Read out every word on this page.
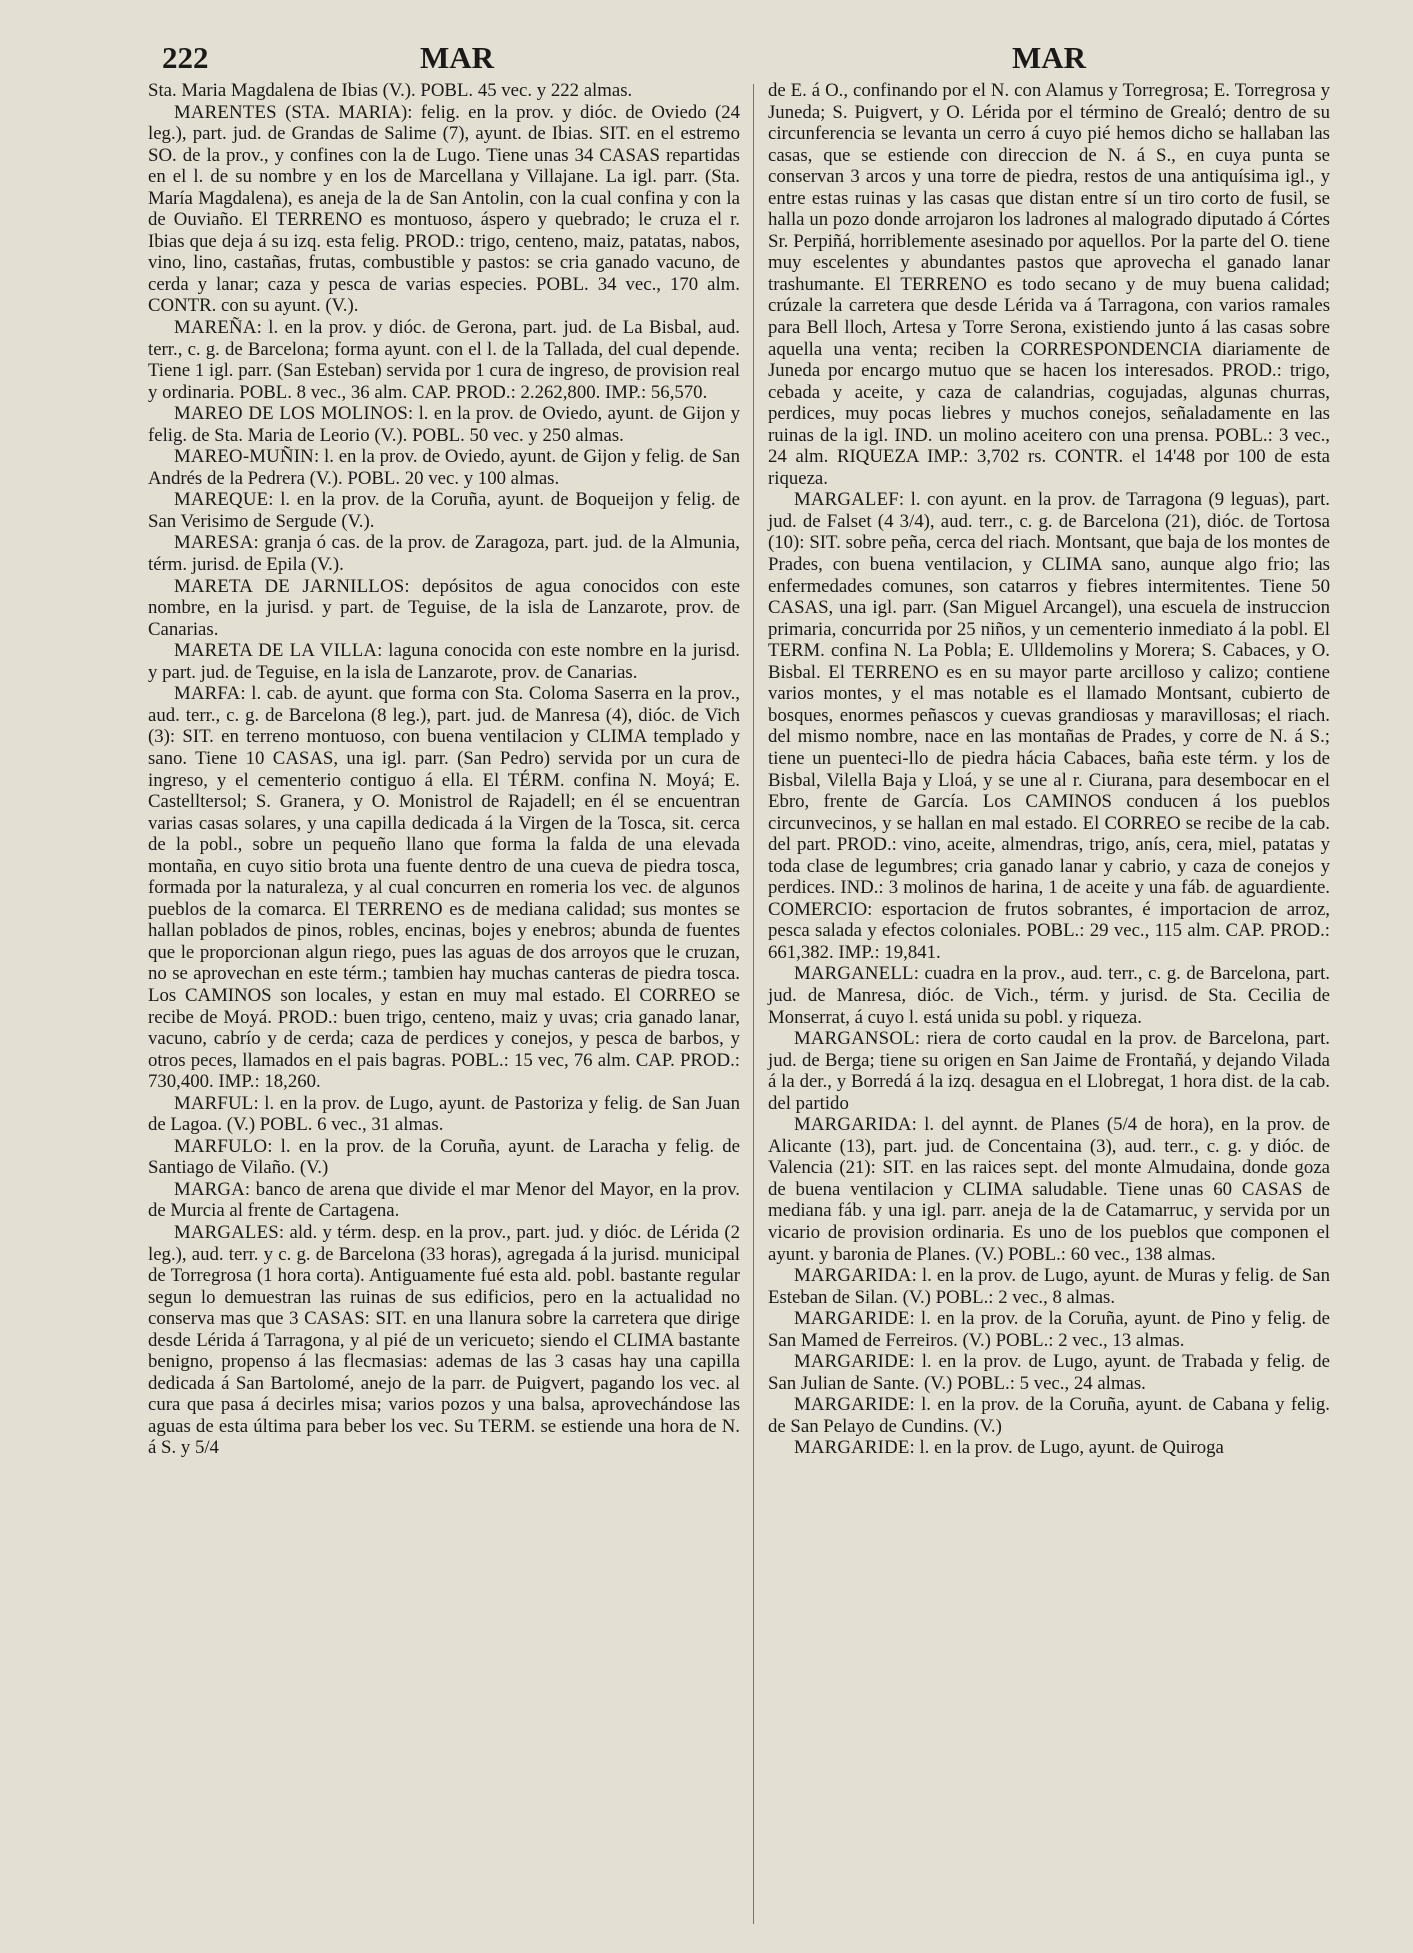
222	MAR	MAR

Sta. Maria Magdalena de Ibias (V.). POBL. 45 vec. y 222 almas.

MARENTES (STA. MARIA): felig. en la prov. y dióc. de Oviedo (24 leg.), part. jud. de Grandas de Salime (7), ayunt. de Ibias. SIT. en el estremo SO. de la prov., y confines con la de Lugo. Tiene unas 34 CASAS repartidas en el l. de su nombre y en los de Marcellana y Villajane. La igl. parr. (Sta. María Magdalena), es aneja de la de San Antolin, con la cual confina y con la de Ouviaño. El TERRENO es montuoso, áspero y quebrado; le cruza el r. Ibias que deja á su izq. esta felig. PROD.: trigo, centeno, maiz, patatas, nabos, vino, lino, castañas, frutas, combustible y pastos: se cria ganado vacuno, de cerda y lanar; caza y pesca de varias especies. POBL. 34 vec., 170 alm. CONTR. con su ayunt. (V.).

MAREÑA: l. en la prov. y dióc. de Gerona, part. jud. de La Bisbal, aud. terr., c. g. de Barcelona; forma ayunt. con el l. de la Tallada, del cual depende. Tiene 1 igl. parr. (San Esteban) servida por 1 cura de ingreso, de provision real y ordinaria. POBL. 8 vec., 36 alm. CAP. PROD.: 2.262,800. IMP.: 56,570.

MAREO DE LOS MOLINOS: l. en la prov. de Oviedo, ayunt. de Gijon y felig. de Sta. Maria de Leorio (V.). POBL. 50 vec. y 250 almas.

MAREO-MUÑIN: l. en la prov. de Oviedo, ayunt. de Gijon y felig. de San Andrés de la Pedrera (V.). POBL. 20 vec. y 100 almas.

MAREQUE: l. en la prov. de la Coruña, ayunt. de Boqueijon y felig. de San Verisimo de Sergude (V.).

MARESA: granja ó cas. de la prov. de Zaragoza, part. jud. de la Almunia, térm. jurisd. de Epila (V.).

MARETA DE JARNILLOS: depósitos de agua conocidos con este nombre, en la jurisd. y part. de Teguise, de la isla de Lanzarote, prov. de Canarias.

MARETA DE LA VILLA: laguna conocida con este nombre en la jurisd. y part. jud. de Teguise, en la isla de Lanzarote, prov. de Canarias.

MARFA: l. cab. de ayunt. que forma con Sta. Coloma Saserra en la prov., aud. terr., c. g. de Barcelona (8 leg.), part. jud. de Manresa (4), dióc. de Vich (3): SIT. en terreno montuoso, con buena ventilacion y CLIMA templado y sano. Tiene 10 CASAS, una igl. parr. (San Pedro) servida por un cura de ingreso, y el cementerio contiguo á ella. El TÉRM. confina N. Moyá; E. Castelltersol; S. Granera, y O. Monistrol de Rajadell; en él se encuentran varias casas solares, y una capilla dedicada á la Virgen de la Tosca, sit. cerca de la pobl., sobre un pequeño llano que forma la falda de una elevada montaña, en cuyo sitio brota una fuente dentro de una cueva de piedra tosca, formada por la naturaleza, y al cual concurren en romeria los vec. de algunos pueblos de la comarca. El TERRENO es de mediana calidad; sus montes se hallan poblados de pinos, robles, encinas, bojes y enebros; abunda de fuentes que le proporcionan algun riego, pues las aguas de dos arroyos que le cruzan, no se aprovechan en este térm.; tambien hay muchas canteras de piedra tosca. Los CAMINOS son locales, y estan en muy mal estado. El CORREO se recibe de Moyá. PROD.: buen trigo, centeno, maiz y uvas; cria ganado lanar, vacuno, cabrío y de cerda; caza de perdices y conejos, y pesca de barbos, y otros peces, llamados en el pais bagras. POBL.: 15 vec, 76 alm. CAP. PROD.: 730,400. IMP.: 18,260.

MARFUL: l. en la prov. de Lugo, ayunt. de Pastoriza y felig. de San Juan de Lagoa. (V.) POBL. 6 vec., 31 almas.

MARFULO: l. en la prov. de la Coruña, ayunt. de Laracha y felig. de Santiago de Vilaño. (V.)

MARGA: banco de arena que divide el mar Menor del Mayor, en la prov. de Murcia al frente de Cartagena.

MARGALES: ald. y térm. desp. en la prov., part. jud. y dióc. de Lérida (2 leg.), aud. terr. y c. g. de Barcelona (33 horas), agregada á la jurisd. municipal de Torregrosa (1 hora corta). Antiguamente fué esta ald. pobl. bastante regular segun lo demuestran las ruinas de sus edificios, pero en la actualidad no conserva mas que 3 CASAS: SIT. en una llanura sobre la carretera que dirige desde Lérida á Tarragona, y al pié de un vericueto; siendo el CLIMA bastante benigno, propenso á las flecmasias: ademas de las 3 casas hay una capilla dedicada á San Bartolomé, anejo de la parr. de Puigvert, pagando los vec. al cura que pasa á decirles misa; varios pozos y una balsa, aprovechándose las aguas de esta última para beber los vec. Su TERM. se estiende una hora de N. á S. y 5/4

de E. á O., confinando por el N. con Alamus y Torregrosa; E. Torregrosa y Juneda; S. Puigvert, y O. Lérida por el término de Grealó; dentro de su circunferencia se levanta un cerro á cuyo pié hemos dicho se hallaban las casas, que se estiende con direccion de N. á S., en cuya punta se conservan 3 arcos y una torre de piedra, restos de una antiquísima igl., y entre estas ruinas y las casas que distan entre sí un tiro corto de fusil, se halla un pozo donde arrojaron los ladrones al malogrado diputado á Córtes Sr. Perpiñá, horriblemente asesinado por aquellos. Por la parte del O. tiene muy escelentes y abundantes pastos que aprovecha el ganado lanar trashumante. El TERRENO es todo secano y de muy buena calidad; crúzale la carretera que desde Lérida va á Tarragona, con varios ramales para Bell lloch, Artesa y Torre Serona, existiendo junto á las casas sobre aquella una venta; reciben la CORRESPONDENCIA diariamente de Juneda por encargo mutuo que se hacen los interesados. PROD.: trigo, cebada y aceite, y caza de calandrias, cogujadas, algunas churras, perdices, muy pocas liebres y muchos conejos, señaladamente en las ruinas de la igl. IND. un molino aceitero con una prensa. POBL.: 3 vec., 24 alm. RIQUEZA IMP.: 3,702 rs. CONTR. el 14'48 por 100 de esta riqueza.

MARGALEF: l. con ayunt. en la prov. de Tarragona (9 leguas), part. jud. de Falset (4 3/4), aud. terr., c. g. de Barcelona (21), dióc. de Tortosa (10): SIT. sobre peña, cerca del riach. Montsant, que baja de los montes de Prades, con buena ventilacion, y CLIMA sano, aunque algo frio; las enfermedades comunes, son catarros y fiebres intermitentes. Tiene 50 CASAS, una igl. parr. (San Miguel Arcangel), una escuela de instruccion primaria, concurrida por 25 niños, y un cementerio inmediato á la pobl. El TERM. confina N. La Pobla; E. Ulldemolins y Morera; S. Cabaces, y O. Bisbal. El TERRENO es en su mayor parte arcilloso y calizo; contiene varios montes, y el mas notable es el llamado Montsant, cubierto de bosques, enormes peñascos y cuevas grandiosas y maravillosas; el riach. del mismo nombre, nace en las montañas de Prades, y corre de N. á S.; tiene un puenteci-llo de piedra hácia Cabaces, baña este térm. y los de Bisbal, Vilella Baja y Lloá, y se une al r. Ciurana, para desembocar en el Ebro, frente de García. Los CAMINOS conducen á los pueblos circunvecinos, y se hallan en mal estado. El CORREO se recibe de la cab. del part. PROD.: vino, aceite, almendras, trigo, anís, cera, miel, patatas y toda clase de legumbres; cria ganado lanar y cabrio, y caza de conejos y perdices. IND.: 3 molinos de harina, 1 de aceite y una fáb. de aguardiente. COMERCIO: esportacion de frutos sobrantes, é importacion de arroz, pesca salada y efectos coloniales. POBL.: 29 vec., 115 alm. CAP. PROD.: 661,382. IMP.: 19,841.

MARGANELL: cuadra en la prov., aud. terr., c. g. de Barcelona, part. jud. de Manresa, dióc. de Vich., térm. y jurisd. de Sta. Cecilia de Monserrat, á cuyo l. está unida su pobl. y riqueza.

MARGANSOL: riera de corto caudal en la prov. de Barcelona, part. jud. de Berga; tiene su origen en San Jaime de Frontañá, y dejando Vilada á la der., y Borredá á la izq. desagua en el Llobregat, 1 hora dist. de la cab. del partido

MARGARIDA: l. del aynnt. de Planes (5/4 de hora), en la prov. de Alicante (13), part. jud. de Concentaina (3), aud. terr., c. g. y dióc. de Valencia (21): SIT. en las raices sept. del monte Almudaina, donde goza de buena ventilacion y CLIMA saludable. Tiene unas 60 CASAS de mediana fáb. y una igl. parr. aneja de la de Catamarruc, y servida por un vicario de provision ordinaria. Es uno de los pueblos que componen el ayunt. y baronia de Planes. (V.) POBL.: 60 vec., 138 almas.

MARGARIDA: l. en la prov. de Lugo, ayunt. de Muras y felig. de San Esteban de Silan. (V.) POBL.: 2 vec., 8 almas.

MARGARIDE: l. en la prov. de la Coruña, ayunt. de Pino y felig. de San Mamed de Ferreiros. (V.) POBL.: 2 vec., 13 almas.

MARGARIDE: l. en la prov. de Lugo, ayunt. de Trabada y felig. de San Julian de Sante. (V.) POBL.: 5 vec., 24 almas.

MARGARIDE: l. en la prov. de la Coruña, ayunt. de Cabana y felig. de San Pelayo de Cundins. (V.)

MARGARIDE: l. en la prov. de Lugo, ayunt. de Quiroga
